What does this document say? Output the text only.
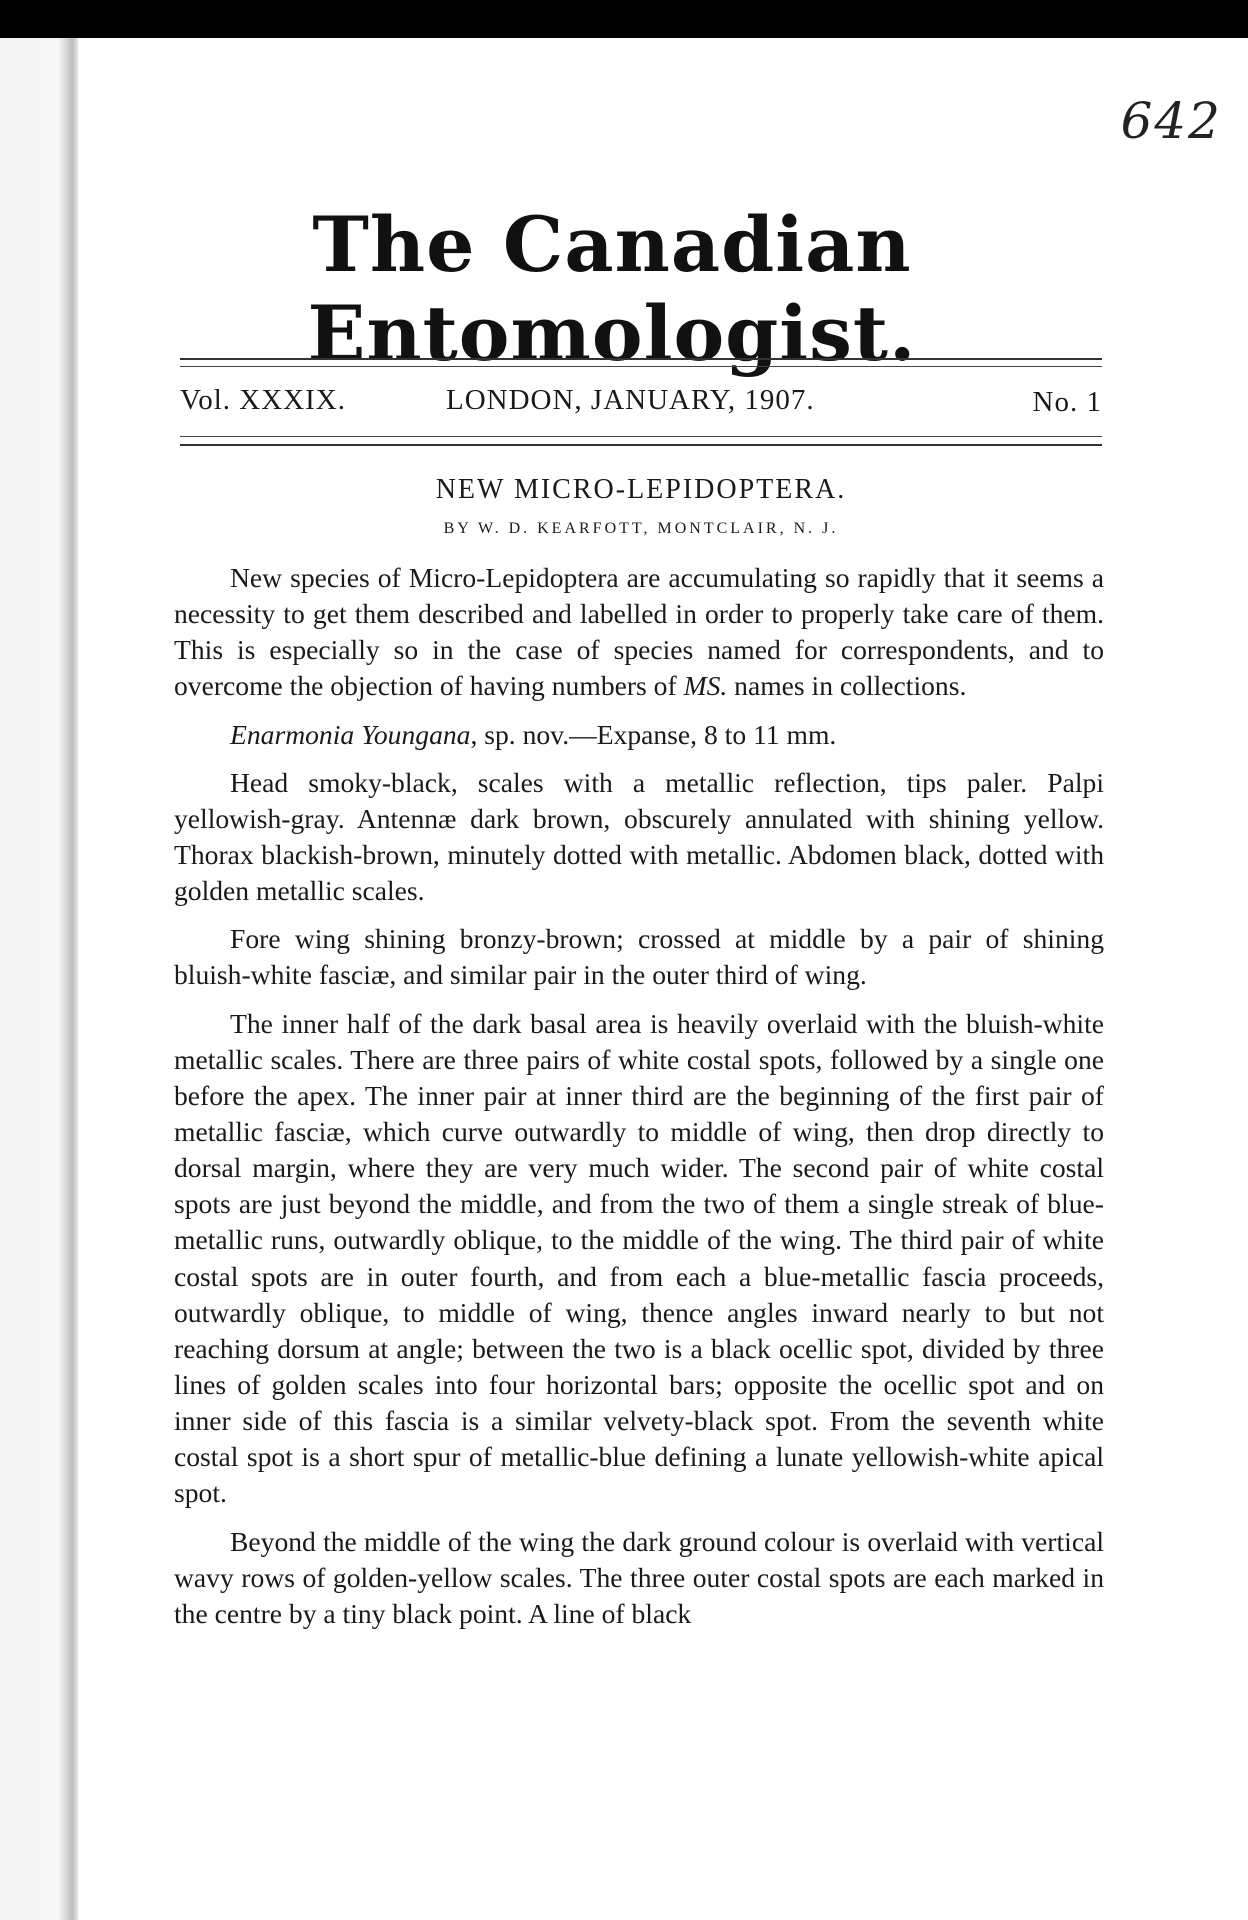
642
The Canadian Entomologist.
Vol. XXXIX.	LONDON, JANUARY, 1907.	No. 1
NEW MICRO-LEPIDOPTERA.
BY W. D. KEARFOTT, MONTCLAIR, N. J.

New species of Micro-Lepidoptera are accumulating so rapidly that it seems a necessity to get them described and labelled in order to properly take care of them. This is especially so in the case of species named for correspondents, and to overcome the objection of having numbers of MS. names in collections.

Enarmonia Youngana, sp. nov.—Expanse, 8 to 11 mm.

Head smoky-black, scales with a metallic reflection, tips paler. Palpi yellowish-gray. Antennæ dark brown, obscurely annulated with shining yellow. Thorax blackish-brown, minutely dotted with metallic. Abdomen black, dotted with golden metallic scales.

Fore wing shining bronzy-brown; crossed at middle by a pair of shining bluish-white fasciæ, and similar pair in the outer third of wing.

The inner half of the dark basal area is heavily overlaid with the bluish-white metallic scales. There are three pairs of white costal spots, followed by a single one before the apex. The inner pair at inner third are the beginning of the first pair of metallic fasciæ, which curve outwardly to middle of wing, then drop directly to dorsal margin, where they are very much wider. The second pair of white costal spots are just beyond the middle, and from the two of them a single streak of blue-metallic runs, outwardly oblique, to the middle of the wing. The third pair of white costal spots are in outer fourth, and from each a blue-metallic fascia proceeds, outwardly oblique, to middle of wing, thence angles inward nearly to but not reaching dorsum at angle; between the two is a black ocellic spot, divided by three lines of golden scales into four horizontal bars; opposite the ocellic spot and on inner side of this fascia is a similar velvety-black spot. From the seventh white costal spot is a short spur of metallic-blue defining a lunate yellowish-white apical spot.

Beyond the middle of the wing the dark ground colour is overlaid with vertical wavy rows of golden-yellow scales. The three outer costal spots are each marked in the centre by a tiny black point. A line of black
